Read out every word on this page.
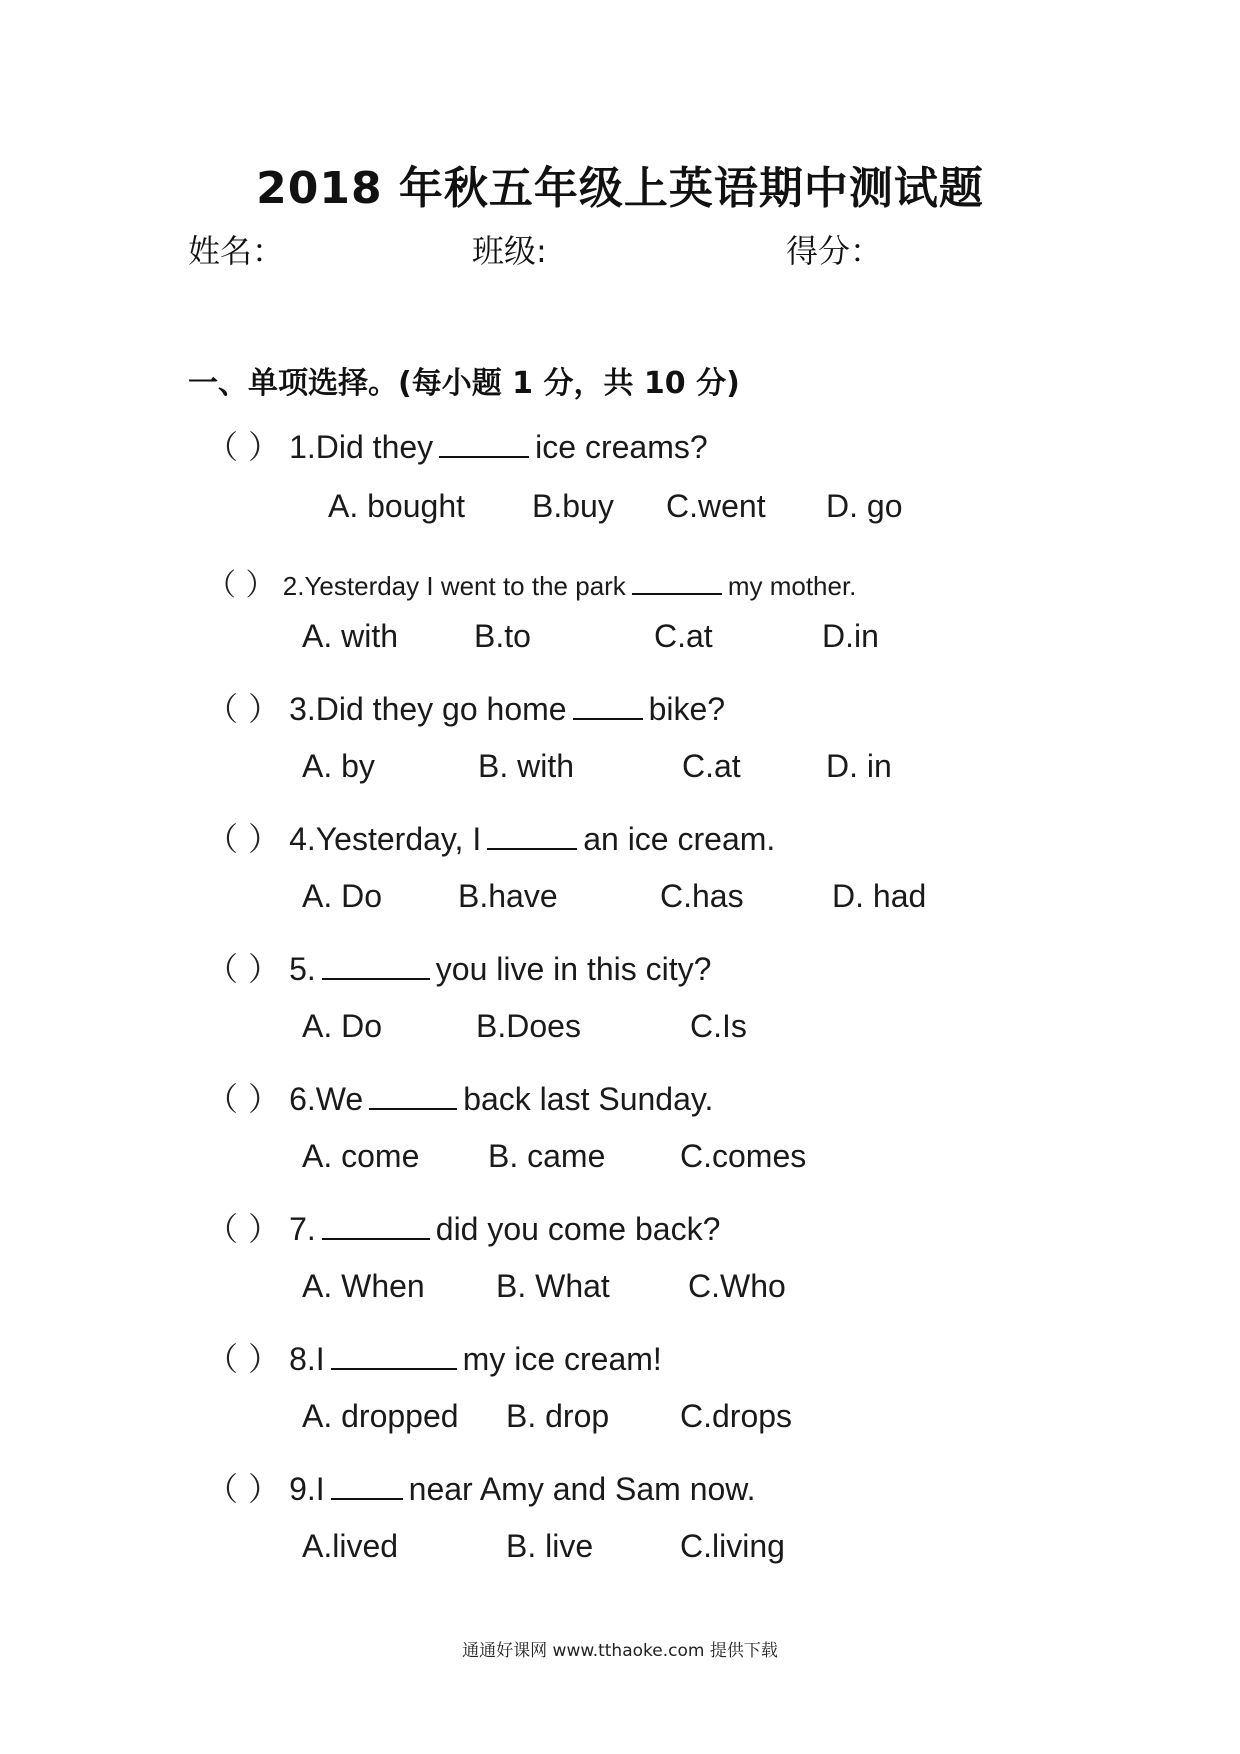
2018 年秋五年级上英语期中测试题
姓名：	班级:	得分：
一、单项选择。(每小题 1 分，共 10 分)
（ ） 1.Did they	ice creams?
A. bought B.buy C.went D. go
（ ） 2.Yesterday I went to the park	my mother.
A. with B.to	C.at	D.in
（ ） 3.Did they go home	bike?
A. by	B. with	C.at	D. in
（ ） 4.Yesterday, I	an ice cream.
A. Do B.have	C.has	D. had
（ ） 5.	you live in this city?
A. Do	B.Does	C.Is
（ ） 6.We	back last Sunday.
A. come B. came C.comes
（ ） 7.	did you come back?
A. When B. What C.Who
（ ） 8.I	my ice cream!
A. dropped B. drop C.drops
（ ） 9.I	near Amy and Sam now.
A.lived	B. live	C.living
通通好课网 www.tthaoke.com 提供下载
